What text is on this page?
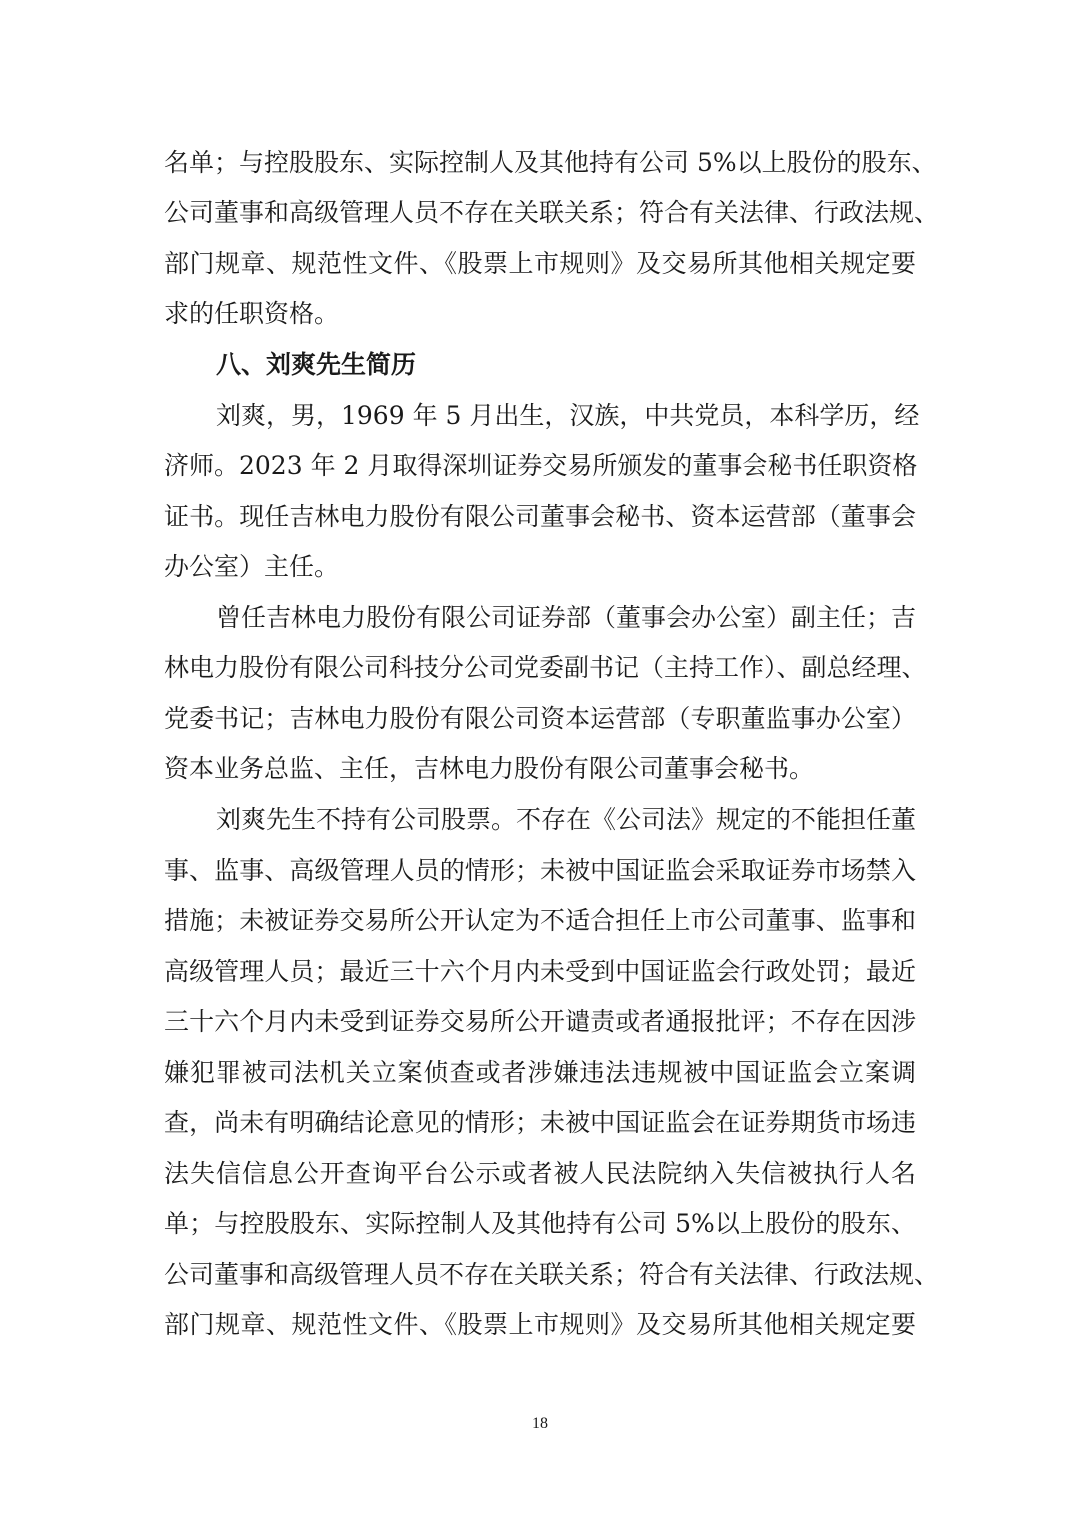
名单；与控股股东、实际控制人及其他持有公司 5%以上股份的股东、
公司董事和高级管理人员不存在关联关系；符合有关法律、行政法规、
部门规章、规范性文件、《股票上市规则》及交易所其他相关规定要
求的任职资格。
八、刘爽先生简历
刘爽，男，1969 年 5 月出生，汉族，中共党员，本科学历，经
济师。2023 年 2 月取得深圳证券交易所颁发的董事会秘书任职资格
证书。现任吉林电力股份有限公司董事会秘书、资本运营部（董事会
办公室）主任。
曾任吉林电力股份有限公司证券部（董事会办公室）副主任；吉
林电力股份有限公司科技分公司党委副书记（主持工作）、副总经理、
党委书记；吉林电力股份有限公司资本运营部（专职董监事办公室）
资本业务总监、主任，吉林电力股份有限公司董事会秘书。
刘爽先生不持有公司股票。不存在《公司法》规定的不能担任董
事、监事、高级管理人员的情形；未被中国证监会采取证券市场禁入
措施；未被证券交易所公开认定为不适合担任上市公司董事、监事和
高级管理人员；最近三十六个月内未受到中国证监会行政处罚；最近
三十六个月内未受到证券交易所公开谴责或者通报批评；不存在因涉
嫌犯罪被司法机关立案侦查或者涉嫌违法违规被中国证监会立案调
查，尚未有明确结论意见的情形；未被中国证监会在证券期货市场违
法失信信息公开查询平台公示或者被人民法院纳入失信被执行人名
单；与控股股东、实际控制人及其他持有公司 5%以上股份的股东、
公司董事和高级管理人员不存在关联关系；符合有关法律、行政法规、
部门规章、规范性文件、《股票上市规则》及交易所其他相关规定要
18
